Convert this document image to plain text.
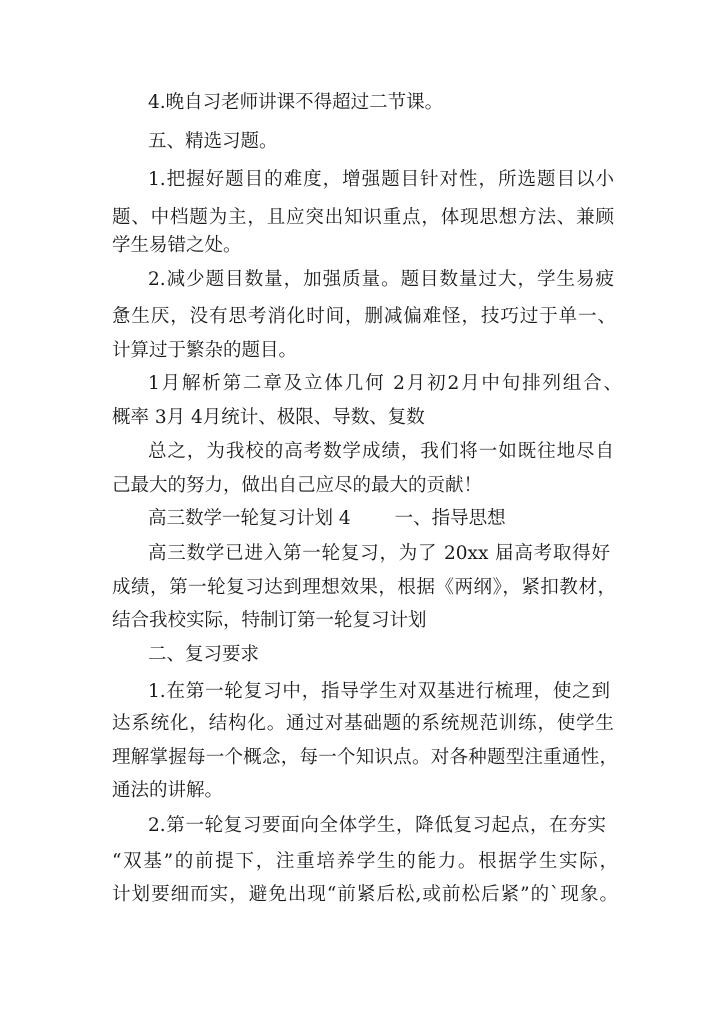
4.晚自习老师讲课不得超过二节课。
五、精选习题。
1.把握好题目的难度，增强题目针对性，所选题目以小
题、中档题为主，且应突出知识重点，体现思想方法、兼顾
学生易错之处。
2.减少题目数量，加强质量。题目数量过大，学生易疲
惫生厌，没有思考消化时间，删减偏难怪，技巧过于单一、
计算过于繁杂的题目。
1月解析第二章及立体几何 2月初2月中旬排列组合、
概率 3月 4月统计、极限、导数、复数
总之，为我校的高考数学成绩，我们将一如既往地尽自
己最大的努力，做出自己应尽的最大的贡献！
高三数学一轮复习计划 4 一、指导思想
高三数学已进入第一轮复习，为了 20xx 届高考取得好
成绩，第一轮复习达到理想效果，根据《两纲》，紧扣教材，
结合我校实际，特制订第一轮复习计划
二、复习要求
1.在第一轮复习中，指导学生对双基进行梳理，使之到
达系统化，结构化。通过对基础题的系统规范训练，使学生
理解掌握每一个概念，每一个知识点。对各种题型注重通性，
通法的讲解。
2.第一轮复习要面向全体学生，降低复习起点，在夯实
“双基”的前提下，注重培养学生的能力。根据学生实际，
计划要细而实，避免出现“前紧后松,或前松后紧”的`现象。
